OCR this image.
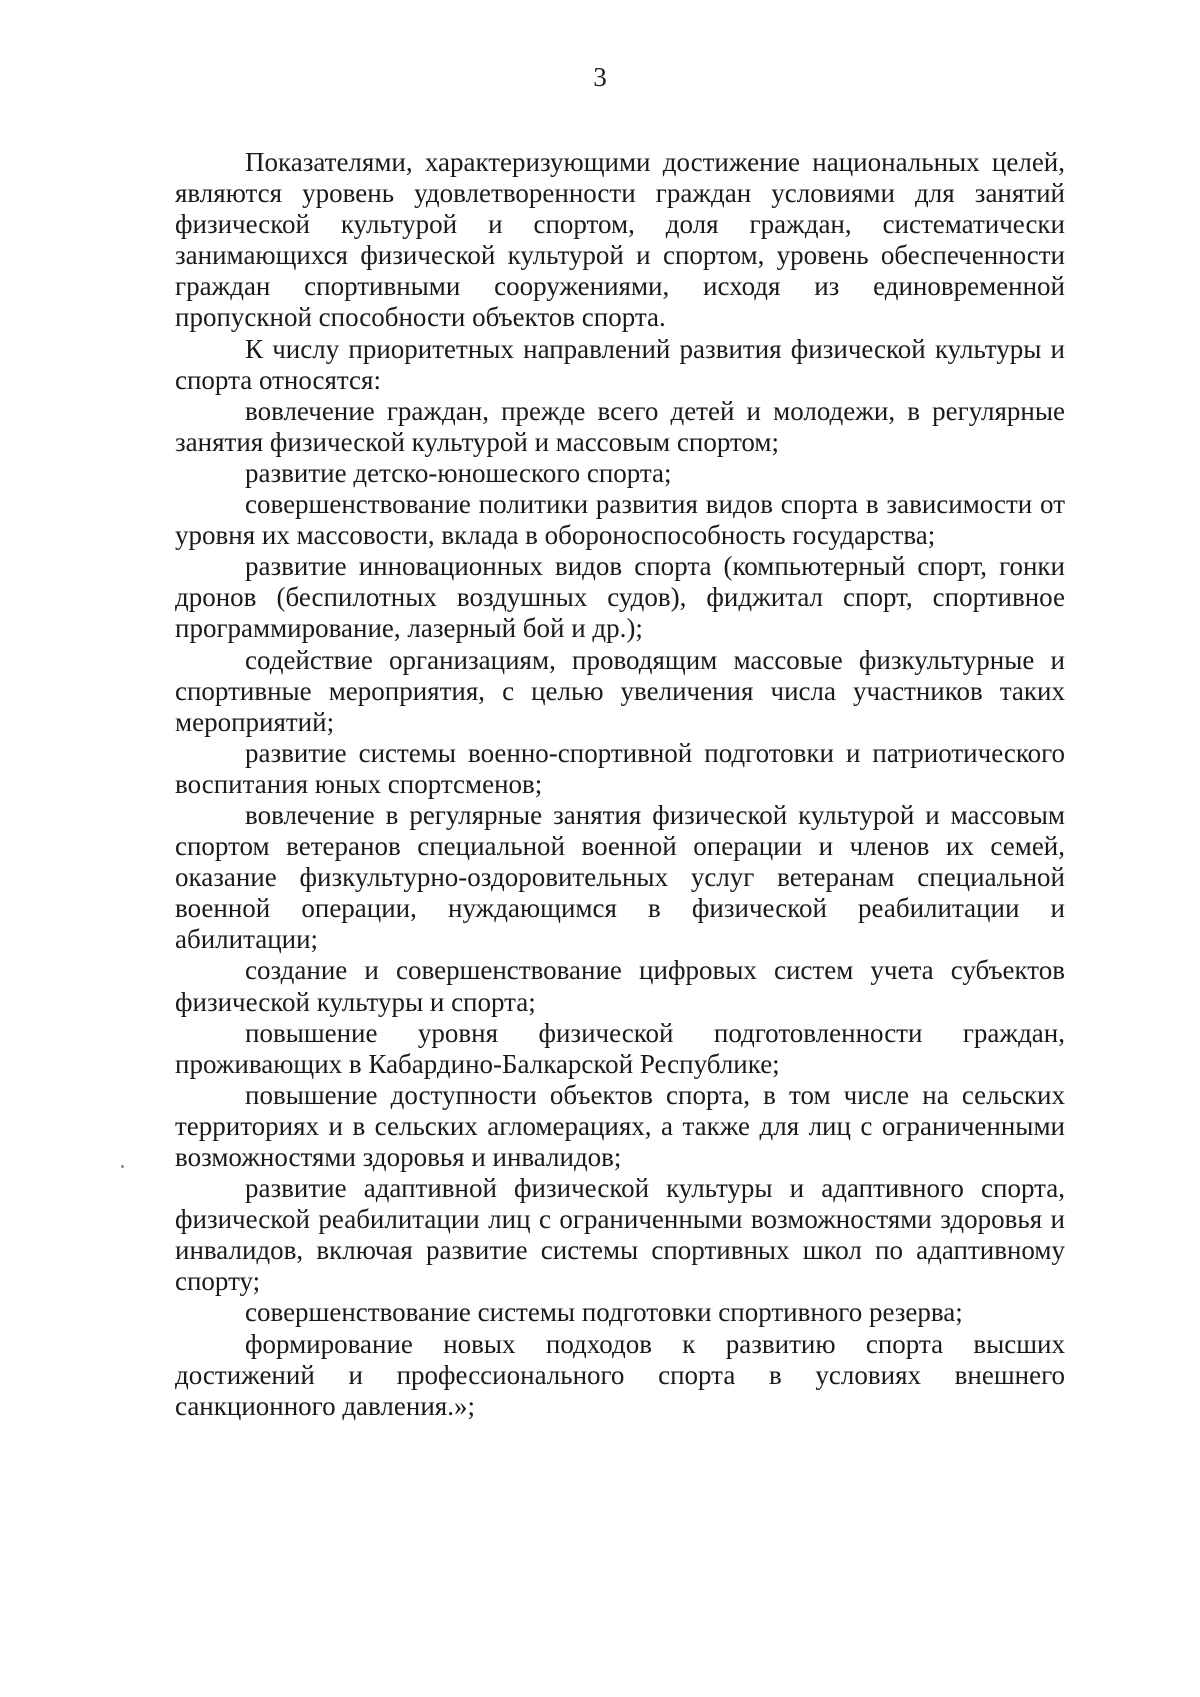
3

Показателями, характеризующими достижение национальных целей, являются уровень удовлетворенности граждан условиями для занятий физической культурой и спортом, доля граждан, систематически занимающихся физической культурой и спортом, уровень обеспеченности граждан спортивными сооружениями, исходя из единовременной пропускной способности объектов спорта.

К числу приоритетных направлений развития физической культуры и спорта относятся:

вовлечение граждан, прежде всего детей и молодежи, в регулярные занятия физической культурой и массовым спортом;

развитие детско-юношеского спорта;

совершенствование политики развития видов спорта в зависимости от уровня их массовости, вклада в обороноспособность государства;

развитие инновационных видов спорта (компьютерный спорт, гонки дронов (беспилотных воздушных судов), фиджитал спорт, спортивное программирование, лазерный бой и др.);

содействие организациям, проводящим массовые физкультурные и спортивные мероприятия, с целью увеличения числа участников таких мероприятий;

развитие системы военно-спортивной подготовки и патриотического воспитания юных спортсменов;

вовлечение в регулярные занятия физической культурой и массовым спортом ветеранов специальной военной операции и членов их семей, оказание физкультурно-оздоровительных услуг ветеранам специальной военной операции, нуждающимся в физической реабилитации и абилитации;

создание и совершенствование цифровых систем учета субъектов физической культуры и спорта;

повышение уровня физической подготовленности граждан, проживающих в Кабардино-Балкарской Республике;

повышение доступности объектов спорта, в том числе на сельских территориях и в сельских агломерациях, а также для лиц с ограниченными возможностями здоровья и инвалидов;

развитие адаптивной физической культуры и адаптивного спорта, физической реабилитации лиц с ограниченными возможностями здоровья и инвалидов, включая развитие системы спортивных школ по адаптивному спорту;

совершенствование системы подготовки спортивного резерва;

формирование новых подходов к развитию спорта высших достижений и профессионального спорта в условиях внешнего санкционного давления.»;
